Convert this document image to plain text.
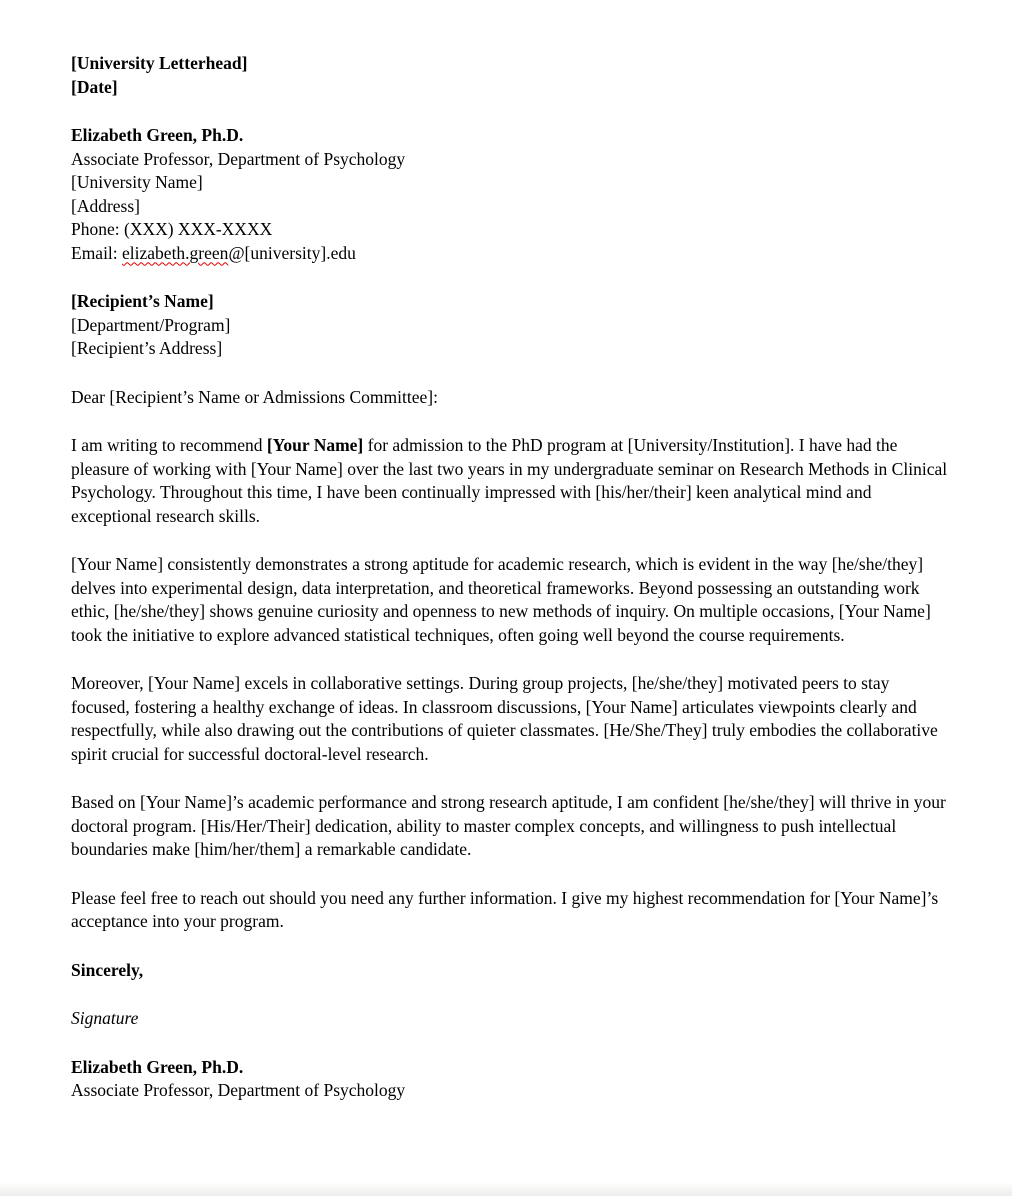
[University Letterhead]
[Date]
Elizabeth Green, Ph.D.
Associate Professor, Department of Psychology
[University Name]
[Address]
Phone: (XXX) XXX-XXXX
Email: elizabeth.green@[university].edu
[Recipient’s Name]
[Department/Program]
[Recipient’s Address]

Dear [Recipient’s Name or Admissions Committee]:

I am writing to recommend [Your Name] for admission to the PhD program at [University/Institution]. I have had the pleasure of working with [Your Name] over the last two years in my undergraduate seminar on Research Methods in Clinical Psychology. Throughout this time, I have been continually impressed with [his/her/their] keen analytical mind and exceptional research skills.

[Your Name] consistently demonstrates a strong aptitude for academic research, which is evident in the way [he/she/they] delves into experimental design, data interpretation, and theoretical frameworks. Beyond possessing an outstanding work ethic, [he/she/they] shows genuine curiosity and openness to new methods of inquiry. On multiple occasions, [Your Name] took the initiative to explore advanced statistical techniques, often going well beyond the course requirements.

Moreover, [Your Name] excels in collaborative settings. During group projects, [he/she/they] motivated peers to stay focused, fostering a healthy exchange of ideas. In classroom discussions, [Your Name] articulates viewpoints clearly and respectfully, while also drawing out the contributions of quieter classmates. [He/She/They] truly embodies the collaborative spirit crucial for successful doctoral-level research.

Based on [Your Name]’s academic performance and strong research aptitude, I am confident [he/she/they] will thrive in your doctoral program. [His/Her/Their] dedication, ability to master complex concepts, and willingness to push intellectual boundaries make [him/her/them] a remarkable candidate.

Please feel free to reach out should you need any further information. I give my highest recommendation for [Your Name]’s acceptance into your program.

Sincerely,

Signature

Elizabeth Green, Ph.D.
Associate Professor, Department of Psychology
